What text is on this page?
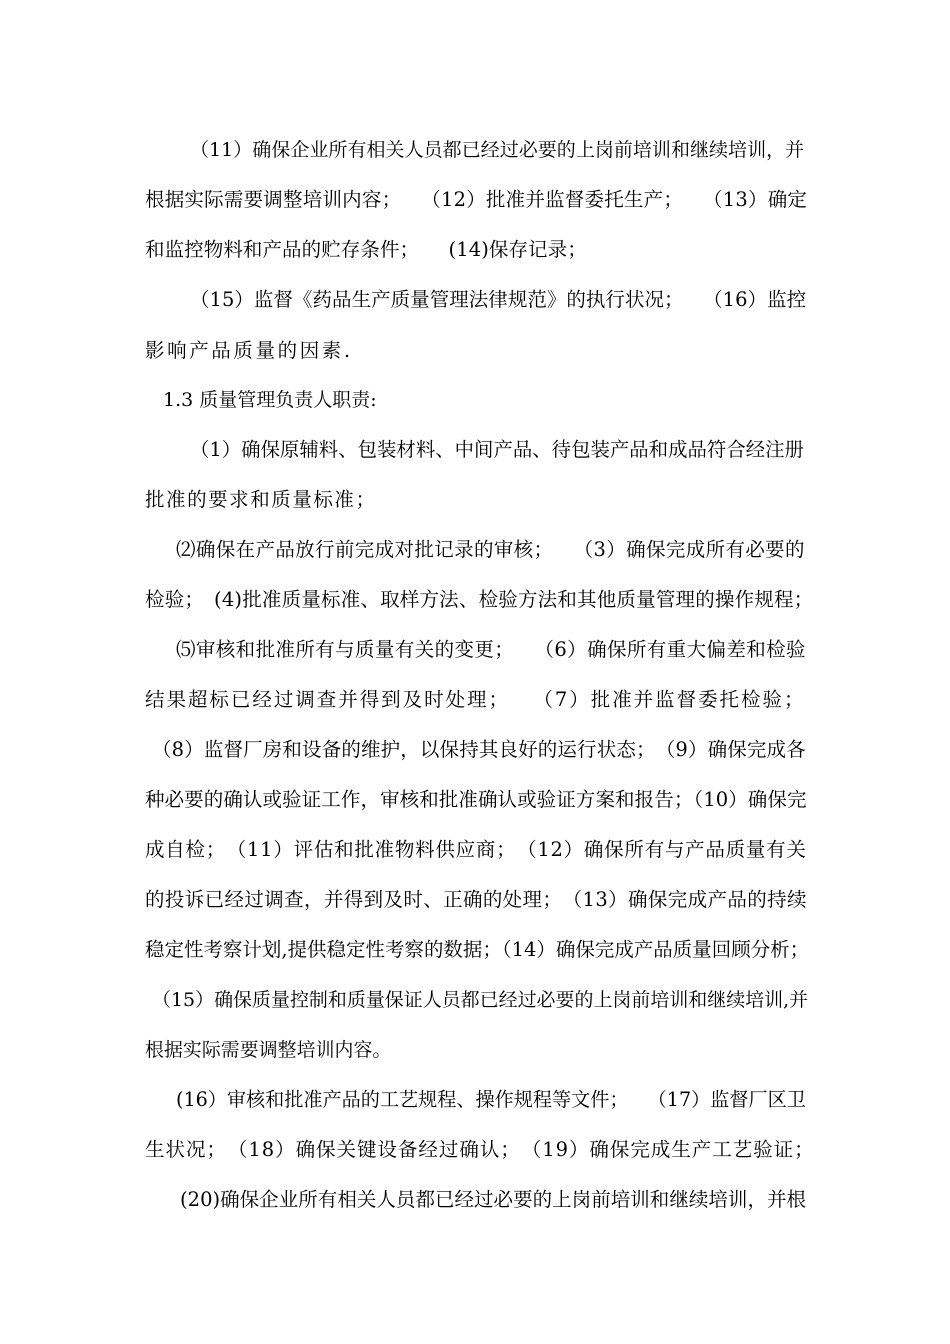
（11）确保企业所有相关人员都已经过必要的上岗前培训和继续培训，并

根据实际需要调整培训内容；　　（12）批准并监督委托生产；　　（13）确定

和监控物料和产品的贮存条件；　　(14)保存记录；

（15）监督《药品生产质量管理法律规范》的执行状况；　　（16）监控

影响产品质量的因素.

1.3 质量管理负责人职责:

（1）确保原辅料、包装材料、中间产品、待包装产品和成品符合经注册

批准的要求和质量标准；

⑵确保在产品放行前完成对批记录的审核；　　（3）确保完成所有必要的

检验；　(4)批准质量标准、取样方法、检验方法和其他质量管理的操作规程；

⑸审核和批准所有与质量有关的变更；　　（6）确保所有重大偏差和检验

结果超标已经过调查并得到及时处理；　　（7）批准并监督委托检验；

（8）监督厂房和设备的维护，以保持其良好的运行状态；　（9）确保完成各

种必要的确认或验证工作，审核和批准确认或验证方案和报告；（10）确保完

成自检；　（11）评估和批准物料供应商；　（12）确保所有与产品质量有关

的投诉已经过调查，并得到及时、正确的处理；　（13）确保完成产品的持续

稳定性考察计划,提供稳定性考察的数据；（14）确保完成产品质量回顾分析；

（15）确保质量控制和质量保证人员都已经过必要的上岗前培训和继续培训,并

根据实际需要调整培训内容。

(16）审核和批准产品的工艺规程、操作规程等文件；　　（17）监督厂区卫

生状况；　（18）确保关键设备经过确认；　（19）确保完成生产工艺验证；

(20)确保企业所有相关人员都已经过必要的上岗前培训和继续培训，并根
